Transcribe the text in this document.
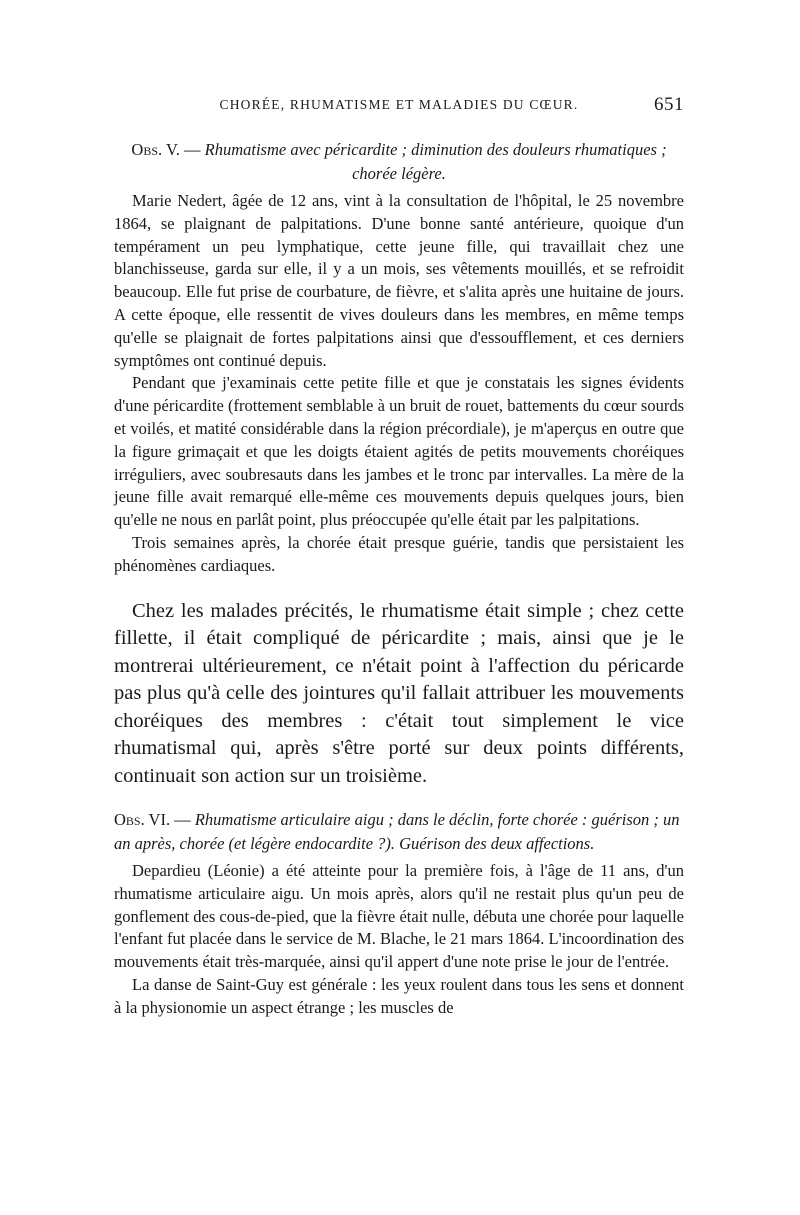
CHORÉE, RHUMATISME ET MALADIES DU CŒUR.	651
Obs. V. — Rhumatisme avec péricardite ; diminution des douleurs rhumatiques ; chorée légère.

Marie Nedert, âgée de 12 ans, vint à la consultation de l'hôpital, le 25 novembre 1864, se plaignant de palpitations. D'une bonne santé antérieure, quoique d'un tempérament un peu lymphatique, cette jeune fille, qui travaillait chez une blanchisseuse, garda sur elle, il y a un mois, ses vêtements mouillés, et se refroidit beaucoup. Elle fut prise de courbature, de fièvre, et s'alita après une huitaine de jours. A cette époque, elle ressentit de vives douleurs dans les membres, en même temps qu'elle se plaignait de fortes palpitations ainsi que d'essoufflement, et ces derniers symptômes ont continué depuis.

Pendant que j'examinais cette petite fille et que je constatais les signes évidents d'une péricardite (frottement semblable à un bruit de rouet, battements du cœur sourds et voilés, et matité considérable dans la région précordiale), je m'aperçus en outre que la figure grimaçait et que les doigts étaient agités de petits mouvements choréiques irréguliers, avec soubresauts dans les jambes et le tronc par intervalles. La mère de la jeune fille avait remarqué elle-même ces mouvements depuis quelques jours, bien qu'elle ne nous en parlât point, plus préoccupée qu'elle était par les palpitations.

Trois semaines après, la chorée était presque guérie, tandis que persistaient les phénomènes cardiaques.

Chez les malades précités, le rhumatisme était simple ; chez cette fillette, il était compliqué de péricardite ; mais, ainsi que je le montrerai ultérieurement, ce n'était point à l'affection du péricarde pas plus qu'à celle des jointures qu'il fallait attribuer les mouvements choréiques des membres : c'était tout simplement le vice rhumatismal qui, après s'être porté sur deux points différents, continuait son action sur un troisième.

Obs. VI. — Rhumatisme articulaire aigu ; dans le déclin, forte chorée : guérison ; un an après, chorée (et légère endocardite ?). Guérison des deux affections.

Depardieu (Léonie) a été atteinte pour la première fois, à l'âge de 11 ans, d'un rhumatisme articulaire aigu. Un mois après, alors qu'il ne restait plus qu'un peu de gonflement des cous-de-pied, que la fièvre était nulle, débuta une chorée pour laquelle l'enfant fut placée dans le service de M. Blache, le 21 mars 1864. L'incoordination des mouvements était très-marquée, ainsi qu'il appert d'une note prise le jour de l'entrée.

La danse de Saint-Guy est générale : les yeux roulent dans tous les sens et donnent à la physionomie un aspect étrange ; les muscles de
